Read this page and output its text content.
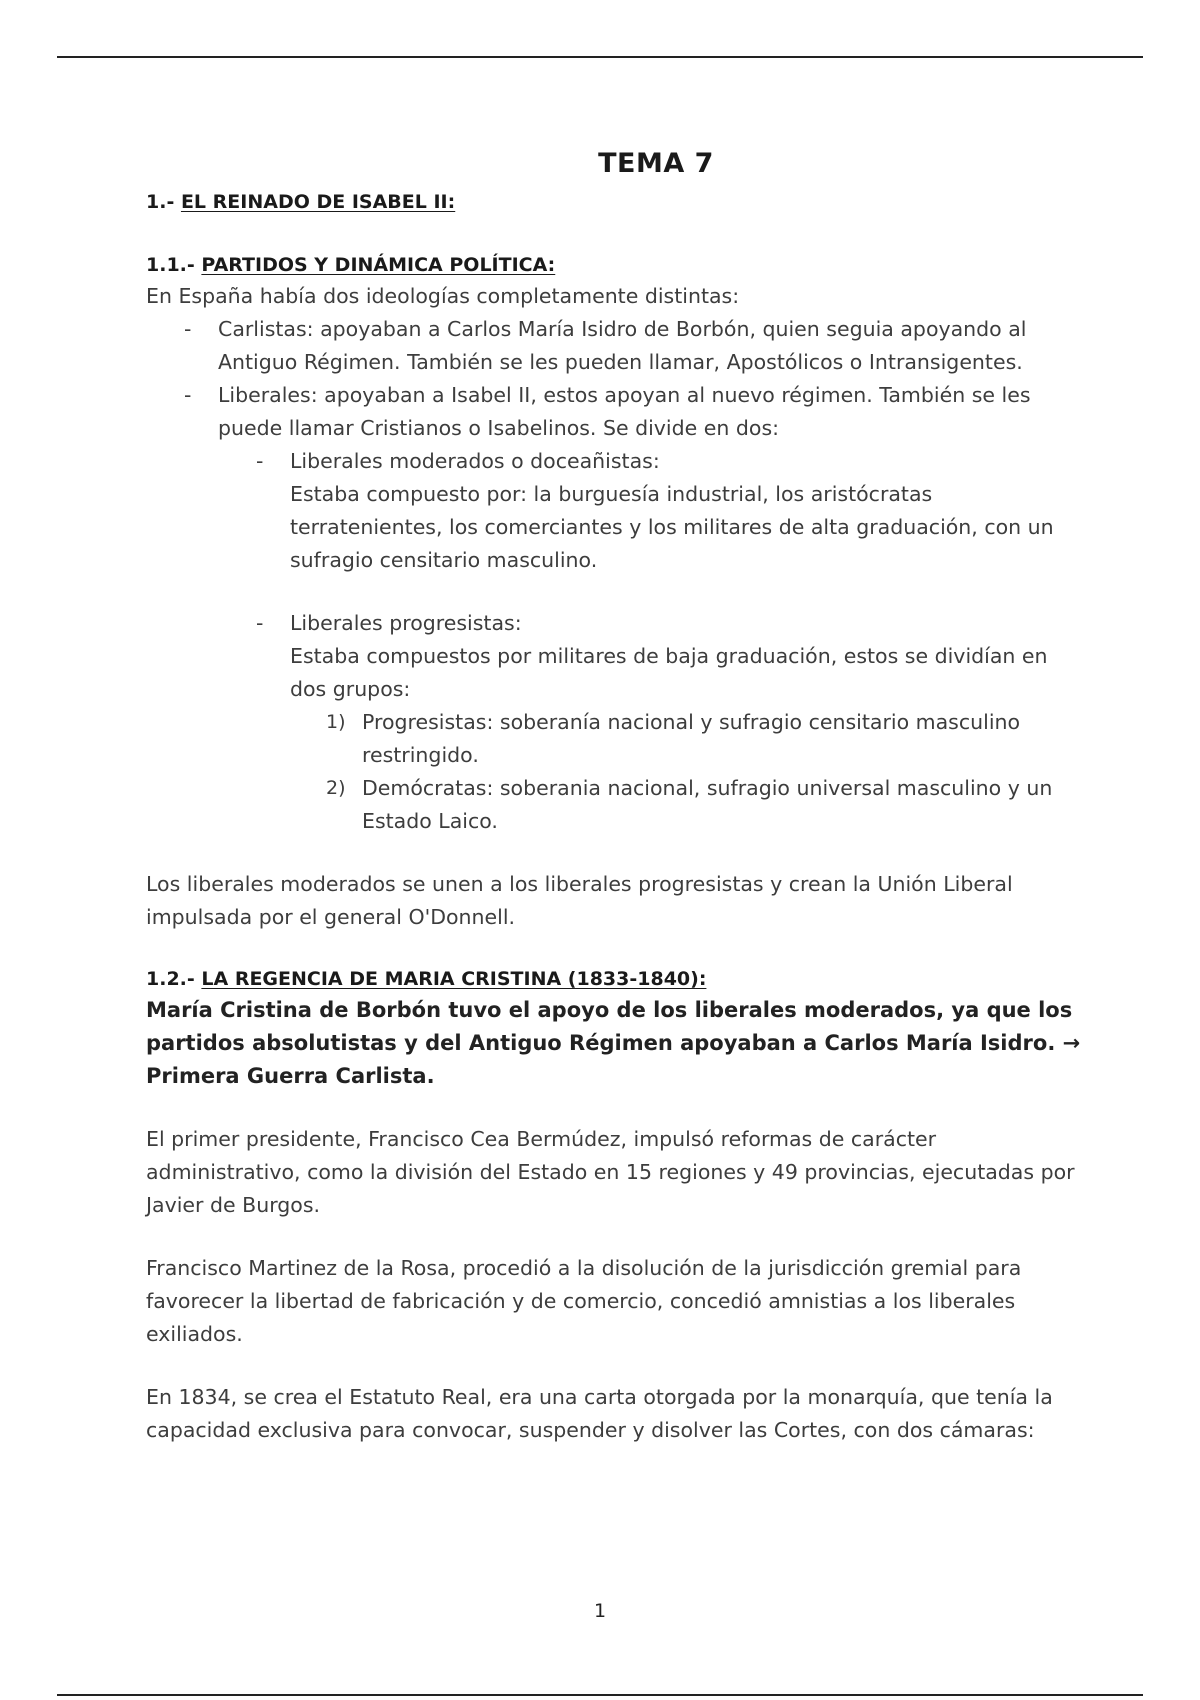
TEMA 7
1.- EL REINADO DE ISABEL II:
1.1.- PARTIDOS Y DINÁMICA POLÍTICA:

En España había dos ideologías completamente distintas:

- Carlistas: apoyaban a Carlos María Isidro de Borbón, quien seguia apoyando al Antiguo Régimen. También se les pueden llamar, Apostólicos o Intransigentes.
- Liberales: apoyaban a Isabel II, estos apoyan al nuevo régimen. También se les puede llamar Cristianos o Isabelinos. Se divide en dos:
- Liberales moderados o doceañistas:
Estaba compuesto por: la burguesía industrial, los aristócratas terratenientes, los comerciantes y los militares de alta graduación, con un sufragio censitario masculino.
- Liberales progresistas:
Estaba compuestos por militares de baja graduación, estos se dividían en dos grupos:
1) Progresistas: soberanía nacional y sufragio censitario masculino restringido.
2) Demócratas: soberania nacional, sufragio universal masculino y un Estado Laico.

Los liberales moderados se unen a los liberales progresistas y crean la Unión Liberal impulsada por el general O'Donnell.

1.2.- LA REGENCIA DE MARIA CRISTINA (1833-1840):

María Cristina de Borbón tuvo el apoyo de los liberales moderados, ya que los partidos absolutistas y del Antiguo Régimen apoyaban a Carlos María Isidro. → Primera Guerra Carlista.

El primer presidente, Francisco Cea Bermúdez, impulsó reformas de carácter administrativo, como la división del Estado en 15 regiones y 49 provincias, ejecutadas por Javier de Burgos.

Francisco Martinez de la Rosa, procedió a la disolución de la jurisdicción gremial para favorecer la libertad de fabricación y de comercio, concedió amnistias a los liberales exiliados.

En 1834, se crea el Estatuto Real, era una carta otorgada por la monarquía, que tenía la capacidad exclusiva para convocar, suspender y disolver las Cortes, con dos cámaras:

1
